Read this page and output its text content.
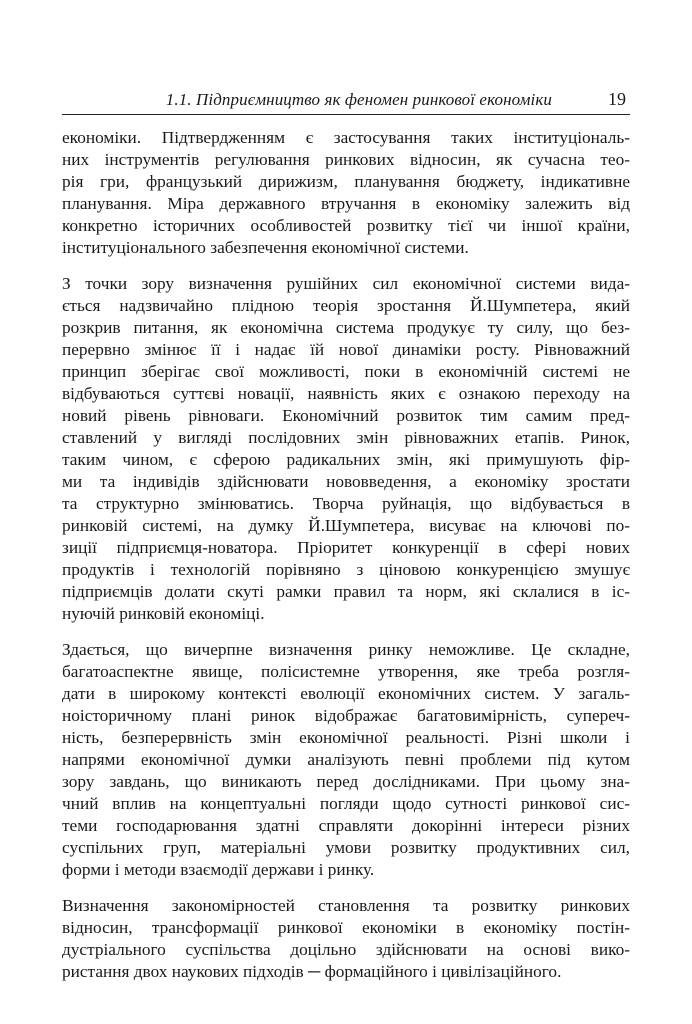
1.1. Підприємництво як феномен ринкової економіки	19

економіки. Підтвердженням є застосування таких інституціональ-
них інструментів регулювання ринкових відносин, як сучасна тео-
рія гри, французький дирижизм, планування бюджету, індикативне
планування. Міра державного втручання в економіку залежить від
конкретно історичних особливостей розвитку тієї чи іншої країни,
інституціонального забезпечення економічної системи.

З точки зору визначення рушійних сил економічної системи вида-
ється надзвичайно плідною теорія зростання Й.Шумпетера, який
розкрив питання, як економічна система продукує ту силу, що без-
перервно змінює її і надає їй нової динаміки росту. Рівноважний
принцип зберігає свої можливості, поки в економічній системі не
відбуваються суттєві новації, наявність яких є ознакою переходу на
новий рівень рівноваги. Економічний розвиток тим самим пред-
ставлений у вигляді послідовних змін рівноважних етапів. Ринок,
таким чином, є сферою радикальних змін, які примушують фір-
ми та індивідів здійснювати нововведення, а економіку зростати
та структурно змінюватись. Творча руйнація, що відбувається в
ринковій системі, на думку Й.Шумпетера, висуває на ключові по-
зиції підприємця-новатора. Пріоритет конкуренції в сфері нових
продуктів і технологій порівняно з ціновою конкуренцією змушує
підприємців долати скуті рамки правил та норм, які склалися в іс-
нуючій ринковій економіці.

Здається, що вичерпне визначення ринку неможливе. Це складне,
багатоаспектне явище, полісистемне утворення, яке треба розгля-
дати в широкому контексті еволюції економічних систем. У загаль-
ноісторичному плані ринок відображає багатовимірність, супереч-
ність, безперервність змін економічної реальності. Різні школи і
напрями економічної думки аналізують певні проблеми під кутом
зору завдань, що виникають перед дослідниками. При цьому зна-
чний вплив на концептуальні погляди щодо сутності ринкової сис-
теми господарювання здатні справляти докорінні інтереси різних
суспільних груп, матеріальні умови розвитку продуктивних сил,
форми і методи взаємодії держави і ринку.

Визначення закономірностей становлення та розвитку ринкових
відносин, трансформації ринкової економіки в економіку постін-
дустріального суспільства доцільно здійснювати на основі вико-
ристання двох наукових підходів ─ формаційного і цивілізаційного.
